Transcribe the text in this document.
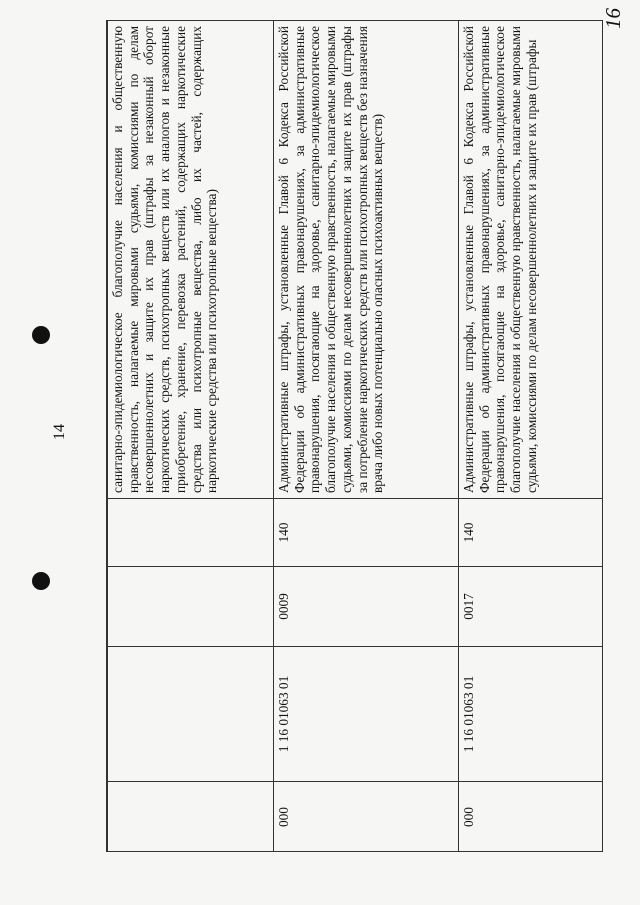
14
16
				санитарно-эпидемиологическое благополучие населения и общественную нравственность, налагаемые мировыми судьями, комиссиями по делам несовершеннолетних и защите их прав (штрафы за незаконный оборот наркотических средств, психотропных веществ или их аналогов и незаконные приобретение, хранение, перевозка растений, содержащих наркотические средства или психотропные вещества, либо их частей, содержащих наркотические средства или психотропные вещества)
000	1 16 01063 01	0009	140	Административные штрафы, установленные Главой 6 Кодекса Российской Федерации об административных правонарушениях, за административные правонарушения, посягающие на здоровье, санитарно-эпидемиологическое благополучие населения и общественную нравственность, налагаемые мировыми судьями, комиссиями по делам несовершеннолетних и защите их прав (штрафы за потребление наркотических средств или психотропных веществ без назначения врача либо новых потенциально опасных психоактивных веществ)
000	1 16 01063 01	0017	140	Административные штрафы, установленные Главой 6 Кодекса Российской Федерации об административных правонарушениях, за административные правонарушения, посягающие на здоровье, санитарно-эпидемиологическое благополучие населения и общественную нравственность, налагаемые мировыми судьями, комиссиями по делам несовершеннолетних и защите их прав (штрафы
